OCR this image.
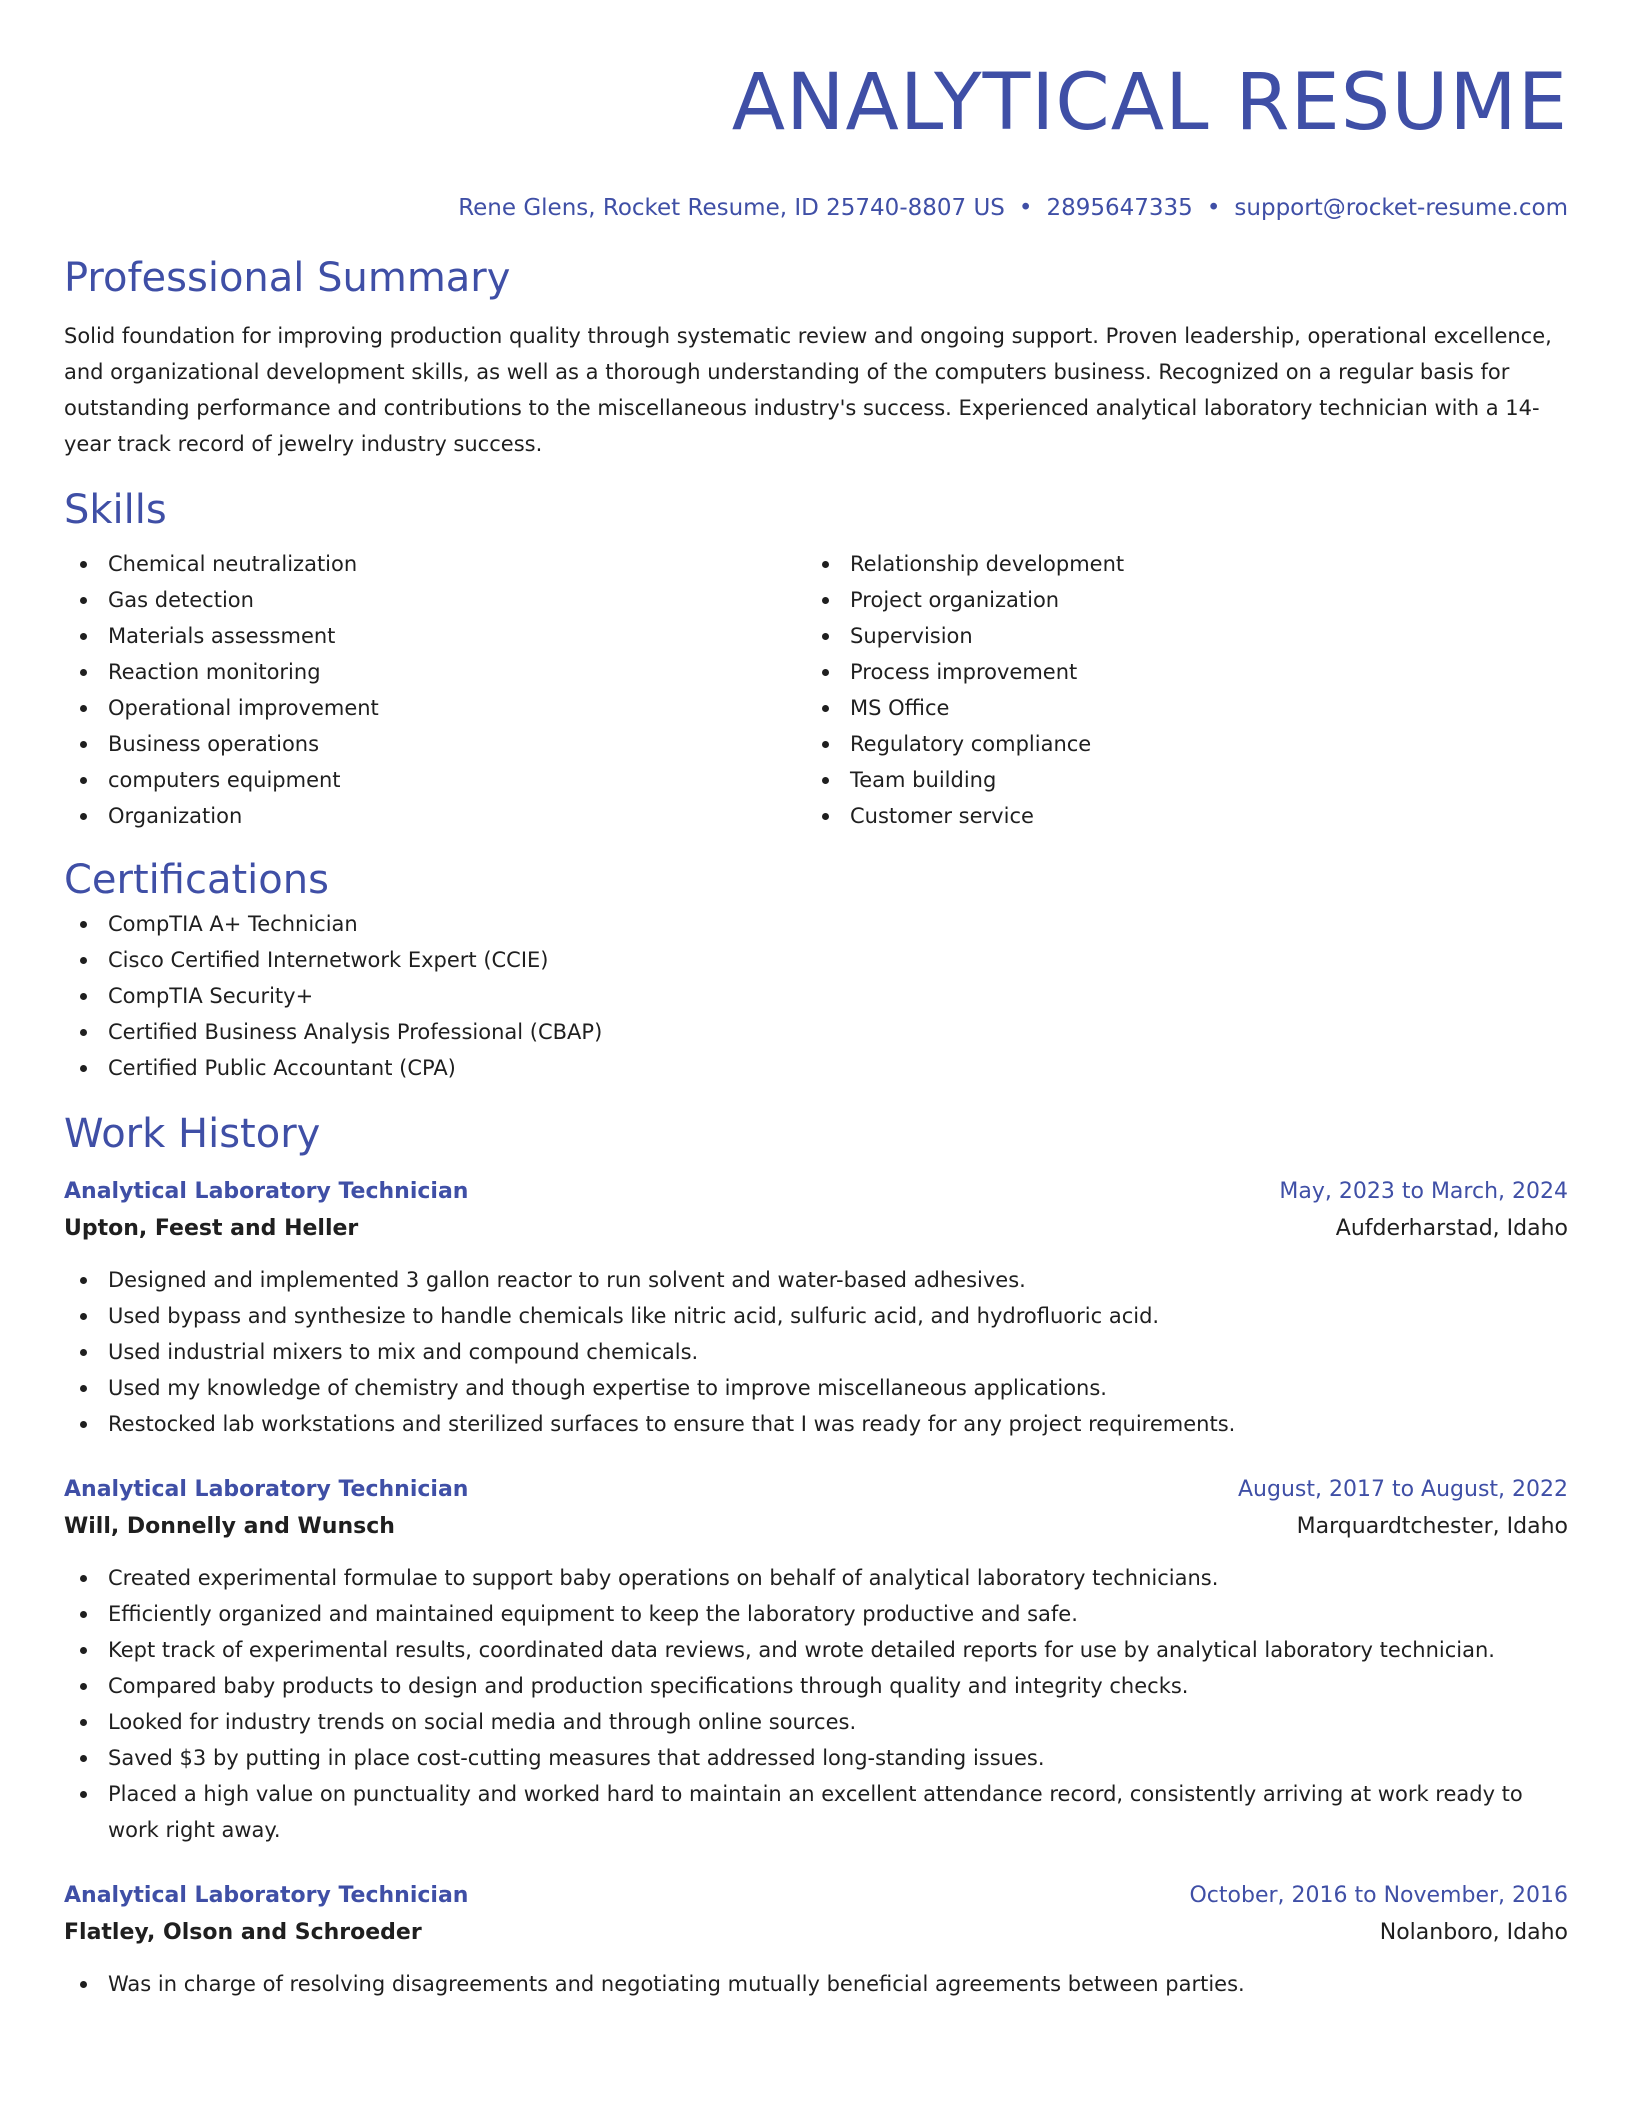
ANALYTICAL RESUME
Rene Glens, Rocket Resume, ID 25740-8807 US • 2895647335 • support@rocket-resume.com
Professional Summary
Solid foundation for improving production quality through systematic review and ongoing support. Proven leadership, operational excellence, and organizational development skills, as well as a thorough understanding of the computers business. Recognized on a regular basis for outstanding performance and contributions to the miscellaneous industry's success. Experienced analytical laboratory technician with a 14-year track record of jewelry industry success.
Skills
Chemical neutralization
Gas detection
Materials assessment
Reaction monitoring
Operational improvement
Business operations
computers equipment
Organization
Relationship development
Project organization
Supervision
Process improvement
MS Office
Regulatory compliance
Team building
Customer service
Certifications
CompTIA A+ Technician
Cisco Certified Internetwork Expert (CCIE)
CompTIA Security+
Certified Business Analysis Professional (CBAP)
Certified Public Accountant (CPA)
Work History
Analytical Laboratory Technician	May, 2023 to March, 2024
Upton, Feest and Heller	Aufderharstad, Idaho
Designed and implemented 3 gallon reactor to run solvent and water-based adhesives.
Used bypass and synthesize to handle chemicals like nitric acid, sulfuric acid, and hydrofluoric acid.
Used industrial mixers to mix and compound chemicals.
Used my knowledge of chemistry and though expertise to improve miscellaneous applications.
Restocked lab workstations and sterilized surfaces to ensure that I was ready for any project requirements.
Analytical Laboratory Technician	August, 2017 to August, 2022
Will, Donnelly and Wunsch	Marquardtchester, Idaho
Created experimental formulae to support baby operations on behalf of analytical laboratory technicians.
Efficiently organized and maintained equipment to keep the laboratory productive and safe.
Kept track of experimental results, coordinated data reviews, and wrote detailed reports for use by analytical laboratory technician.
Compared baby products to design and production specifications through quality and integrity checks.
Looked for industry trends on social media and through online sources.
Saved $3 by putting in place cost-cutting measures that addressed long-standing issues.
Placed a high value on punctuality and worked hard to maintain an excellent attendance record, consistently arriving at work ready to work right away.
Analytical Laboratory Technician	October, 2016 to November, 2016
Flatley, Olson and Schroeder	Nolanboro, Idaho
Was in charge of resolving disagreements and negotiating mutually beneficial agreements between parties.
